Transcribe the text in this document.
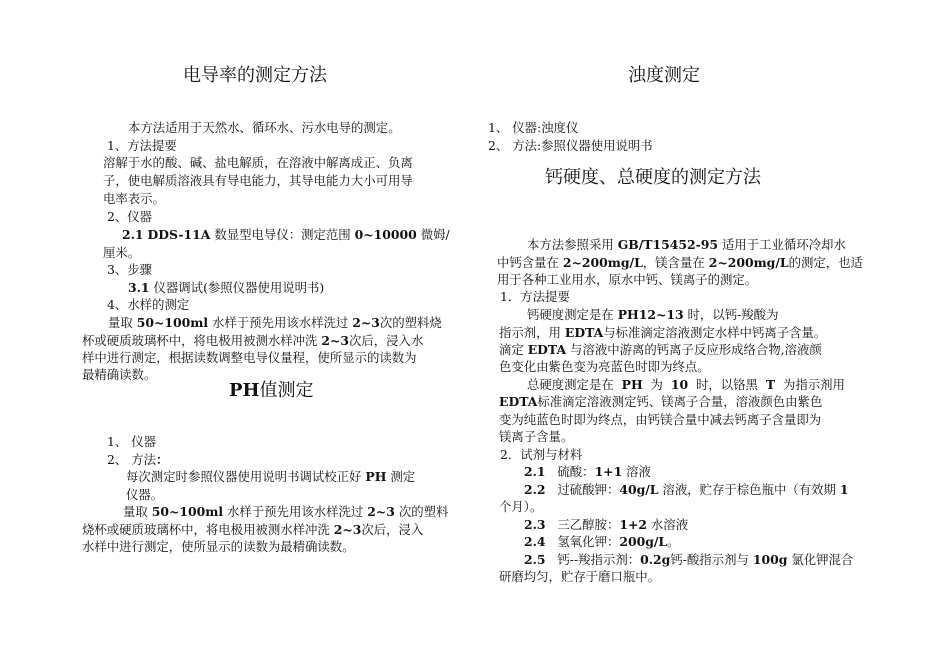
电导率的测定方法
本方法适用于天然水、循环水、污水电导的测定。
1、方法提要
溶解于水的酸、碱、盐电解质，在溶液中解离成正、负离
子，使电解质溶液具有导电能力，其导电能力大小可用导
电率表示。
2、仪器
2.1 DDS-11A 数显型电导仪：测定范围 0~10000 微姆/
厘米。
3、步骤
3.1 仪器调试(参照仪器使用说明书)
4、水样的测定
量取 50~100ml 水样于预先用该水样洗过 2~3次的塑料烧
杯或硬质玻璃杯中，将电极用被测水样冲洗 2~3次后，浸入水
样中进行测定，根据读数调整电导仪量程，使所显示的读数为
最精确读数。
PH值测定
1、 仪器
2、 方法：
每次测定时参照仪器使用说明书调试校正好 PH 测定
仪器。
量取 50~100ml 水样于预先用该水样洗过 2~3 次的塑料
烧杯或硬质玻璃杯中，将电极用被测水样冲洗 2~3次后，浸入
水样中进行测定，使所显示的读数为最精确读数。
浊度测定
1、 仪器:浊度仪
2、 方法:参照仪器使用说明书
钙硬度、总硬度的测定方法
本方法参照采用 GB/T15452-95 适用于工业循环冷却水
中钙含量在 2~200mg/L，镁含量在 2~200mg/L的测定，也适
用于各种工业用水，原水中钙、镁离子的测定。
1．方法提要
钙硬度测定是在 PH12~13 时，以钙-羧酸为
指示剂，用 EDTA与标准滴定溶液测定水样中钙离子含量。
滴定 EDTA 与溶液中游离的钙离子反应形成络合物,溶液颜
色变化由紫色变为亮蓝色时即为终点。
总硬度测定是在 PH 为 10 时，以铬黑 T 为指示剂用
EDTA标准滴定溶液测定钙、镁离子合量，溶液颜色由紫色
变为纯蓝色时即为终点，由钙镁合量中减去钙离子含量即为
镁离子含量。
2．试剂与材料
2.1 硫酸：1+1 溶液
2.2 过硫酸钾：40g/L 溶液，贮存于棕色瓶中（有效期 1
个月）。
2.3 三乙醇胺：1+2 水溶液
2.4 氢氧化钾：200g/L。
2.5 钙--羧指示剂：0.2g钙-酸指示剂与 100g 氯化钾混合
研磨均匀，贮存于磨口瓶中。
